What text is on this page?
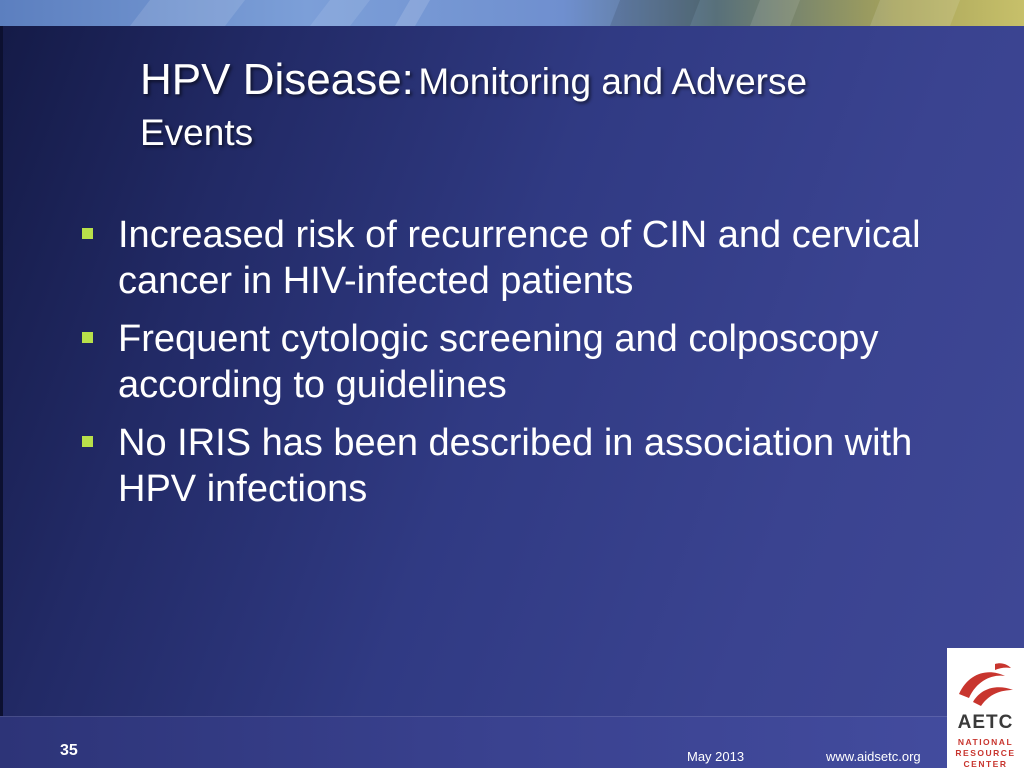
HPV Disease: Monitoring and Adverse
Events
Increased risk of recurrence of CIN and cervical cancer in HIV-infected patients
Frequent cytologic screening and colposcopy according to guidelines
No IRIS has been described in association with HPV infections
35	May 2013	www.aidsetc.org
AETC
NATIONAL
RESOURCE
CENTER
